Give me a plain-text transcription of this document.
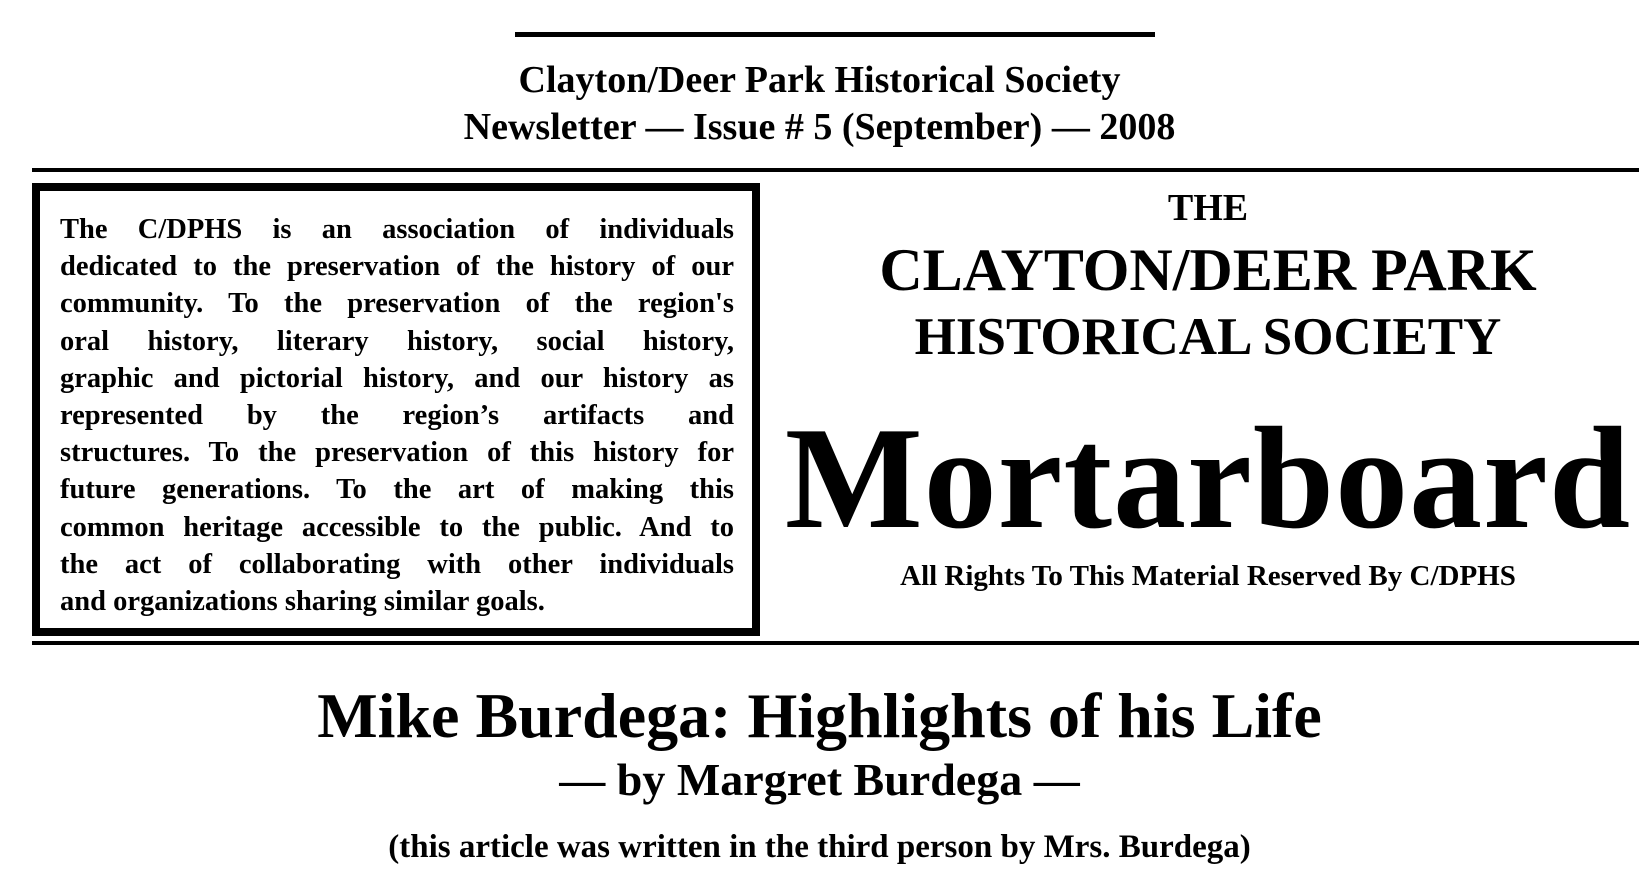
Clayton/Deer Park Historical Society
Newsletter — Issue # 5 (September) — 2008
The C/DPHS is an association of individuals
dedicated to the preservation of the history of our
community. To the preservation of the region's
oral history, literary history, social history,
graphic and pictorial history, and our history as
represented by the region’s artifacts and
structures. To the preservation of this history for
future generations. To the art of making this
common heritage accessible to the public. And to
the act of collaborating with other individuals
and organizations sharing similar goals.
THE
CLAYTON/DEER PARK
HISTORICAL SOCIETY
Mortarboard
All Rights To This Material Reserved By C/DPHS
Mike Burdega: Highlights of his Life
— by Margret Burdega —
(this article was written in the third person by Mrs. Burdega)
